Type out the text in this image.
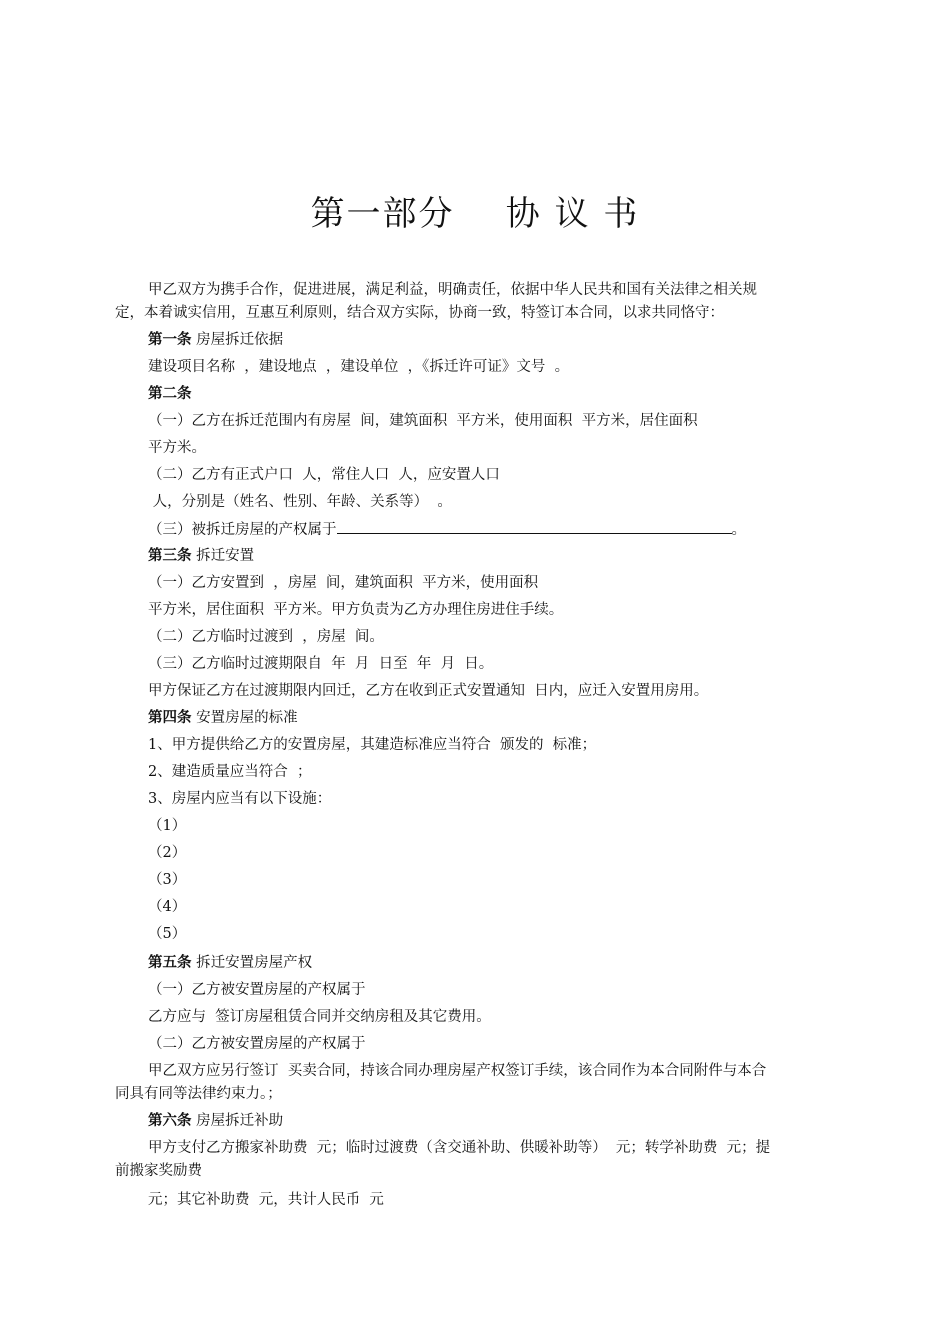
第一部分    协 议 书

甲乙双方为携手合作，促进进展，满足利益，明确责任，依据中华人民共和国有关法律之相关规

定，本着诚实信用，互惠互利原则，结合双方实际，协商一致，特签订本合同，以求共同恪守：

第一条 房屋拆迁依据

建设项目名称  ，建设地点  ，建设单位  ，《拆迁许可证》文号  。

第二条

（一）乙方在拆迁范围内有房屋  间，建筑面积  平方米，使用面积  平方米，居住面积

平方米。

（二）乙方有正式户口  人，常住人口  人，应安置人口

人，分别是（姓名、性别、年龄、关系等）  。

（三）被拆迁房屋的产权属于	。

第三条 拆迁安置

（一）乙方安置到  ，房屋  间，建筑面积  平方米，使用面积

平方米，居住面积  平方米。甲方负责为乙方办理住房进住手续。

（二）乙方临时过渡到  ，房屋  间。

（三）乙方临时过渡期限自  年  月  日至  年  月  日。

甲方保证乙方在过渡期限内回迁，乙方在收到正式安置通知  日内，应迁入安置用房用。

第四条 安置房屋的标准

1、甲方提供给乙方的安置房屋，其建造标准应当符合  颁发的  标准；

2、建造质量应当符合  ；

3、房屋内应当有以下设施：

（1）

（2）

（3）

（4）

（5）

第五条 拆迁安置房屋产权

（一）乙方被安置房屋的产权属于

乙方应与  签订房屋租赁合同并交纳房租及其它费用。

（二）乙方被安置房屋的产权属于

甲乙双方应另行签订  买卖合同，持该合同办理房屋产权签订手续，该合同作为本合同附件与本合

同具有同等法律约束力。；

第六条 房屋拆迁补助

甲方支付乙方搬家补助费  元；临时过渡费（含交通补助、供暖补助等）  元；转学补助费  元；提

前搬家奖励费

元；其它补助费  元，共计人民币  元
